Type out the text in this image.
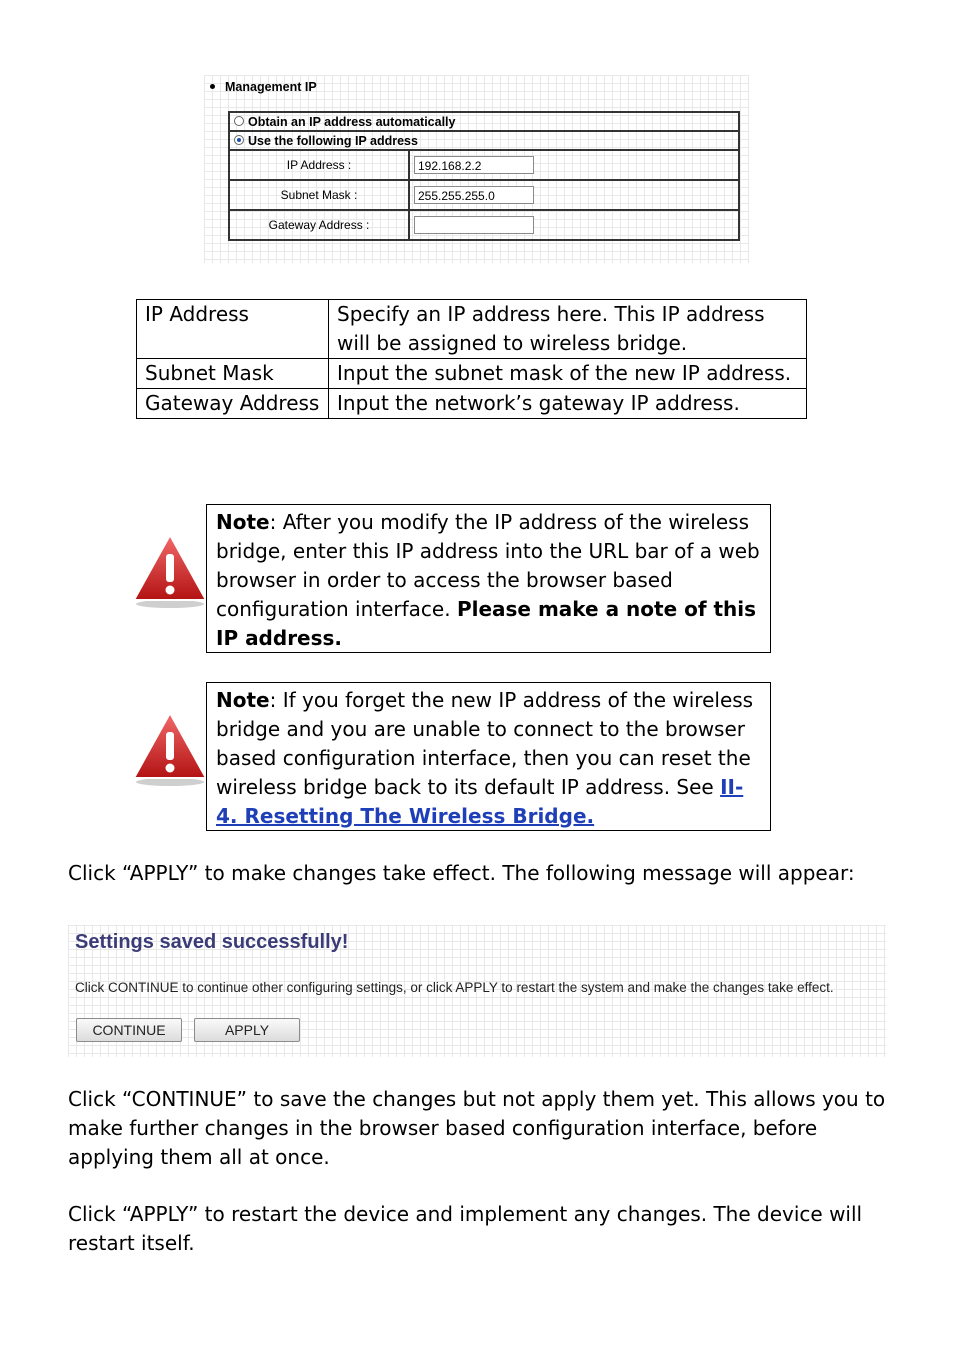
Management IP
Obtain an IP address automatically	
Use the following IP address	
IP Address :	192.168.2.2
Subnet Mask :	255.255.255.0
Gateway Address :	
IP Address	Specify an IP address here. This IP address will be assigned to wireless bridge.
Subnet Mask	Input the subnet mask of the new IP address.
Gateway Address	Input the network’s gateway IP address.
Note: After you modify the IP address of the wireless bridge, enter this IP address into the URL bar of a web browser in order to access the browser based configuration interface. Please make a note of this IP address.
Note: If you forget the new IP address of the wireless bridge and you are unable to connect to the browser based configuration interface, then you can reset the wireless bridge back to its default IP address. See II-4. Resetting The Wireless Bridge.
Click “APPLY” to make changes take effect. The following message will appear:
Settings saved successfully!
Click CONTINUE to continue other configuring settings, or click APPLY to restart the system and make the changes take effect.
CONTINUE	APPLY
Click “CONTINUE” to save the changes but not apply them yet. This allows you to make further changes in the browser based configuration interface, before applying them all at once.
Click “APPLY” to restart the device and implement any changes. The device will restart itself.
